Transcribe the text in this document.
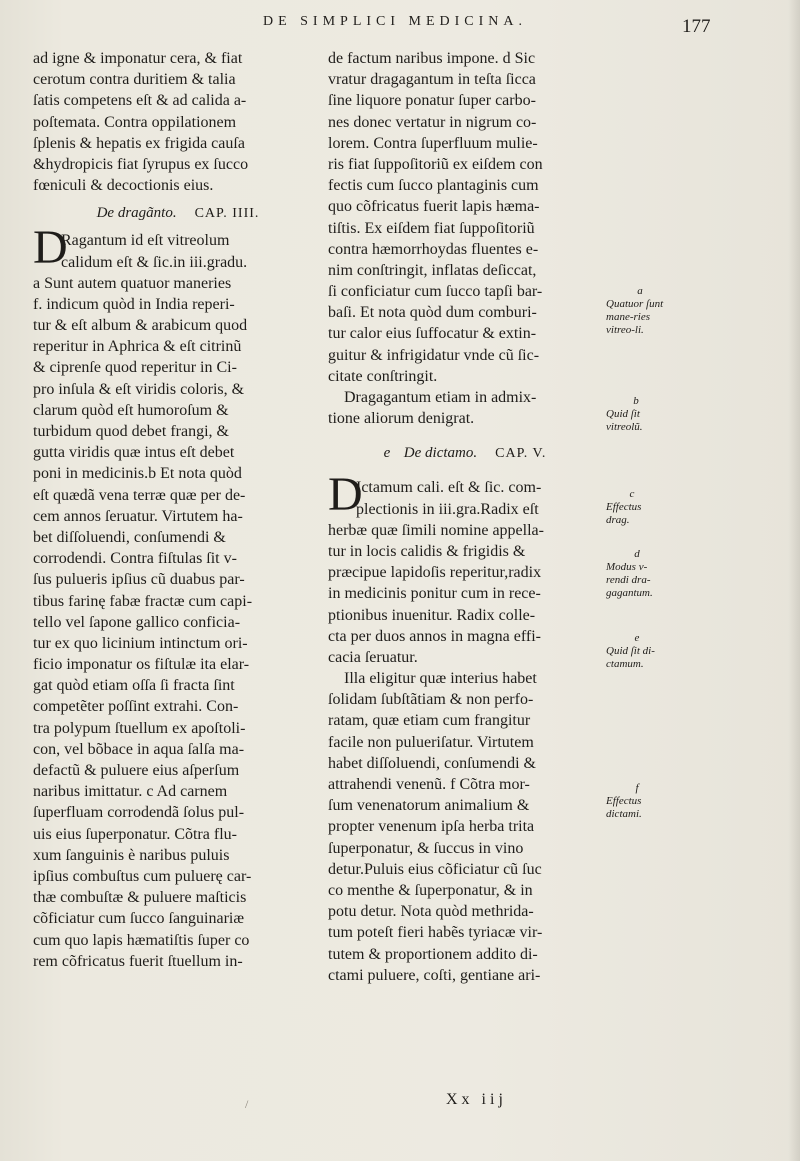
DE SIMPLICI MEDICINA.	177
ad igne & imponatur cera, & fiat
cerotum contra duritiem & talia
ſatis competens eſt & ad calida a-
poſtemata. Contra oppilationem
ſplenis & hepatis ex frigida cauſa
&hydropicis fiat ſyrupus ex ſucco
fœniculi & decoctionis eius.
De dragãnto. CAP. IIII.
D
Ragantum id eſt vitreolum
calidum eſt & ſic.in iii.gradu.
a Sunt autem quatuor maneries
f. indicum quòd in India reperi-
tur & eſt album & arabicum quod
reperitur in Aphrica & eſt citrinũ
& ciprenſe quod reperitur in Ci-
pro inſula & eſt viridis coloris, &
clarum quòd eſt humoroſum &
turbidum quod debet frangi, &
gutta viridis quæ intus eſt debet
poni in medicinis.b Et nota quòd
eſt quædã vena terræ quæ per de-
cem annos ſeruatur. Virtutem ha-
bet diſſoluendi, conſumendi &
corrodendi. Contra fiſtulas ſit v-
ſus pulueris ipſius cũ duabus par-
tibus farinę fabæ fractæ cum capi-
tello vel ſapone gallico conficia-
tur ex quo licinium intinctum ori-
ficio imponatur os fiſtulæ ita elar-
gat quòd etiam oſſa ſi fracta ſint
competẽter poſſint extrahi. Con-
tra polypum ſtuellum ex apoſtoli-
con, vel bõbace in aqua ſalſa ma-
defactũ & puluere eius aſperſum
naribus imittatur. c Ad carnem
ſuperfluam corrodendã ſolus pul-
uis eius ſuperponatur. Cõtra flu-
xum ſanguinis è naribus puluis
ipſius combuſtus cum puluerę car-
thæ combuſtæ & puluere maſticis
cõficiatur cum ſucco ſanguinariæ
cum quo lapis hæmatiſtis ſuper co
rem cõfricatus fuerit ſtuellum in-
de factum naribus impone. d Sic
vratur dragagantum in teſta ſicca
ſine liquore ponatur ſuper carbo-
nes donec vertatur in nigrum co-
lorem. Contra ſuperfluum mulie-
ris fiat ſuppoſitoriũ ex eiſdem con
fectis cum ſucco plantaginis cum
quo cõfricatus fuerit lapis hæma-
tiſtis. Ex eiſdem fiat ſuppoſitoriũ
contra hæmorrhoydas fluentes e-
nim conſtringit, inflatas deſiccat,
ſi conficiatur cum ſucco tapſi bar-
baſi. Et nota quòd dum comburi-
tur calor eius ſuffocatur & extin-
guitur & infrigidatur vnde cũ ſic-
citate conſtringit.
Dragagantum etiam in admix-
tione aliorum denigrat.
e De dictamo. CAP. V.
D
Ictamum cali. eſt & ſic. com-
plectionis in iii.gra.Radix eſt
herbæ quæ ſimili nomine appella-
tur in locis calidis & frigidis &
præcipue lapidoſis reperitur,radix
in medicinis ponitur cum in rece-
ptionibus inuenitur. Radix colle-
cta per duos annos in magna effi-
cacia ſeruatur.
Illa eligitur quæ interius habet
ſolidam ſubſtãtiam & non perfo-
ratam, quæ etiam cum frangitur
facile non pulueriſatur. Virtutem
habet diſſoluendi, conſumendi &
attrahendi venenũ. f Cõtra mor-
ſum venenatorum animalium &
propter venenum ipſa herba trita
ſuperponatur, & ſuccus in vino
detur.Puluis eius cõficiatur cũ ſuc
co menthe & ſuperponatur, & in
potu detur. Nota quòd methrida-
tum poteſt fieri habẽs tyriacæ vir-
tutem & proportionem addito di-
ctami puluere, coſti, gentiane ari-
a
Quatuor ſunt mane-ries vitreo-li.
b
Quid ſit vitreolũ.
c
Effectus drag.
d
Modus v-rendi dra-gagantum.
e
Quid ſit di-ctamum.
f
Effectus dictami.
Xx iij
/
